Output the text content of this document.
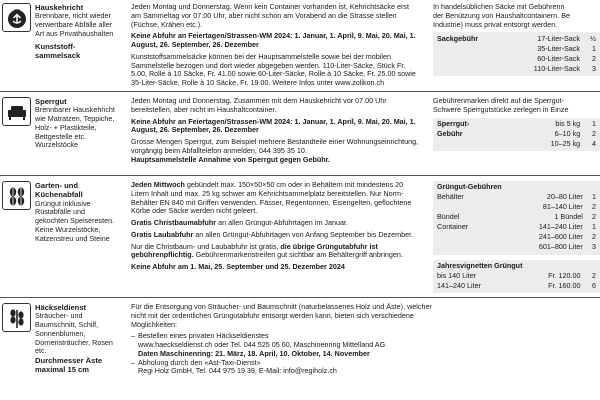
Hauskehricht
Brennbare, nicht wieder verwertbare Abfälle aller Art aus Privathaushalten
Kunststoff-sammelsack

Jeden Montag und Donnerstag. Wenn kein Container vorhanden ist, Kehrichtsäcke erst am Sammeltag vor 07.00 Uhr, aber nicht schon am Vorabend an die Strasse stellen (Füchse, Krähen etc.).

Keine Abfuhr an Feiertagen/Strassen-WM 2024: 1. Januar, 1. April, 9. Mai, 20. Mai, 1. August, 26. September, 26. Dezember

Kunststoffsammelsäcke können bei der Hauptsammelstelle sowie bei der mobilen Sammelstelle bezogen und dort wieder abgegeben werden. 110-Liter-Säcke, Stück Fr. 5.00, Rolle à 10 Säcke, Fr. 41.00 sowie 60-Liter-Säcke, Rolle à 10 Säcke, Fr. 25.00 sowie 35-Liter-Säcke, Rolle à 10 Säcke, Fr. 19.00. Weitere Infos unter www.zolikon.ch

In handelsüblichen Säcke mit Gebührenn
der Benützung von Haushaltcontainern. Be
Industrie) muss privat entsorgt werden.
Sackgebühr	17-Liter-Sack	½
	35-Liter-Sack	1
	60-Liter-Sack	2
	110-Liter-Sack	3
Sperrgut
Brennbarer Hauskehricht wie Matratzen, Teppiche, Holz- + Plastikteile, Bettgestelle etc. Wurzelstöcke

Jeden Montag und Donnerstag. Zusammen mit dem Hauskehricht vor 07.00 Uhr bereitstellen, aber nicht im Haushaltcontainer.

Keine Abfuhr an Feiertagen/Strassen-WM 2024: 1. Januar, 1. April, 9. Mai, 20. Mai, 1. August, 26. September, 26. Dezember

Grosse Mengen Sperrgut, zum Beispiel mehrere Bestandteile einer Wohnungseinrichtung, vorgängig beim Abfalltelefon anmelden, 044 395 35 10.

Hauptsammelstelle Annahme von Sperrgut gegen Gebühr.

Gebührenmarken direkt auf die Sperrgut-
Schwere Sperrgutstücke zerlegen in Einze
Sperrgut-	bis 5 kg	1
Gebühr	6–10 kg	2
	10–25 kg	4
Garten- und Küchenabfall
Grüngut inklusive Rüstabfälle und gekochten Speiseresten. Keine Wurzelstöcke, Katzenstreu und Steine

Jeden Mittwoch gebündelt max. 150×50×50 cm oder in Behältern mit mindestens 20 Litern Inhalt und max. 25 kg schwer am Kehrichtsammelplatz bereitstellen. Nur Norm-Behälter EN 840 mit Griffen verwenden. Fässer, Regentonnen, Eisengelten, geflochtene Körbe oder Säcke werden nicht geleert.

Gratis Christbaumabfuhr an allen Grüngut-Abfuhrtagen im Januar.

Gratis Laubabfuhr an allen Grüngut-Abfuhrtagen von Anfang September bis Dezember.

Nur die Christbaum- und Laubabfuhr ist gratis, die übrige Grüngutabfuhr ist gebührenpflichtig. Gebührenmarkenstreifen gut sichtbar am Behältergriff anbringen.

Keine Abfuhr am 1. Mai, 25. September und 25. Dezember 2024

Grüngut-Gebühren
Behälter	20–80 Liter	1
	81–140 Liter	2
Bündel	1 Bündel	2
Container	141–240 Liter	1
	241–600 Liter	2
	601–800 Liter	3
Jahresvignetten Grüngut
bis 140 Liter	Fr. 120.00	2
141–240 Liter	Fr. 160.00	6
Häckseldienst
Sträucher- und Baumschnitt, Schilf, Sonnenblumen, Dornensträucher, Rosen etc.
Durchmesser Äste maximal 15 cm

Für die Entsorgung von Sträucher- und Baumschnitt (naturbelassenes Holz und Äste), welcher nicht mit der ordentlichen Grüngutabfuhr entsorgt werden kann, bieten sich verschiedene Möglichkeiten:

– Bestellen eines privaten Häckseldienstes
www.haeckseldienst.ch oder Tel. 044 525 05 60, Maschinenring Mittelland AG
Daten Maschinenring: 21. März, 18. April, 10. Oktober, 14. November
– Abholung durch den «Ast-Taxi-Dienst»
Regi Holz GmbH, Tel. 044 975 19 39, E-Mail: info@regiholz.ch
